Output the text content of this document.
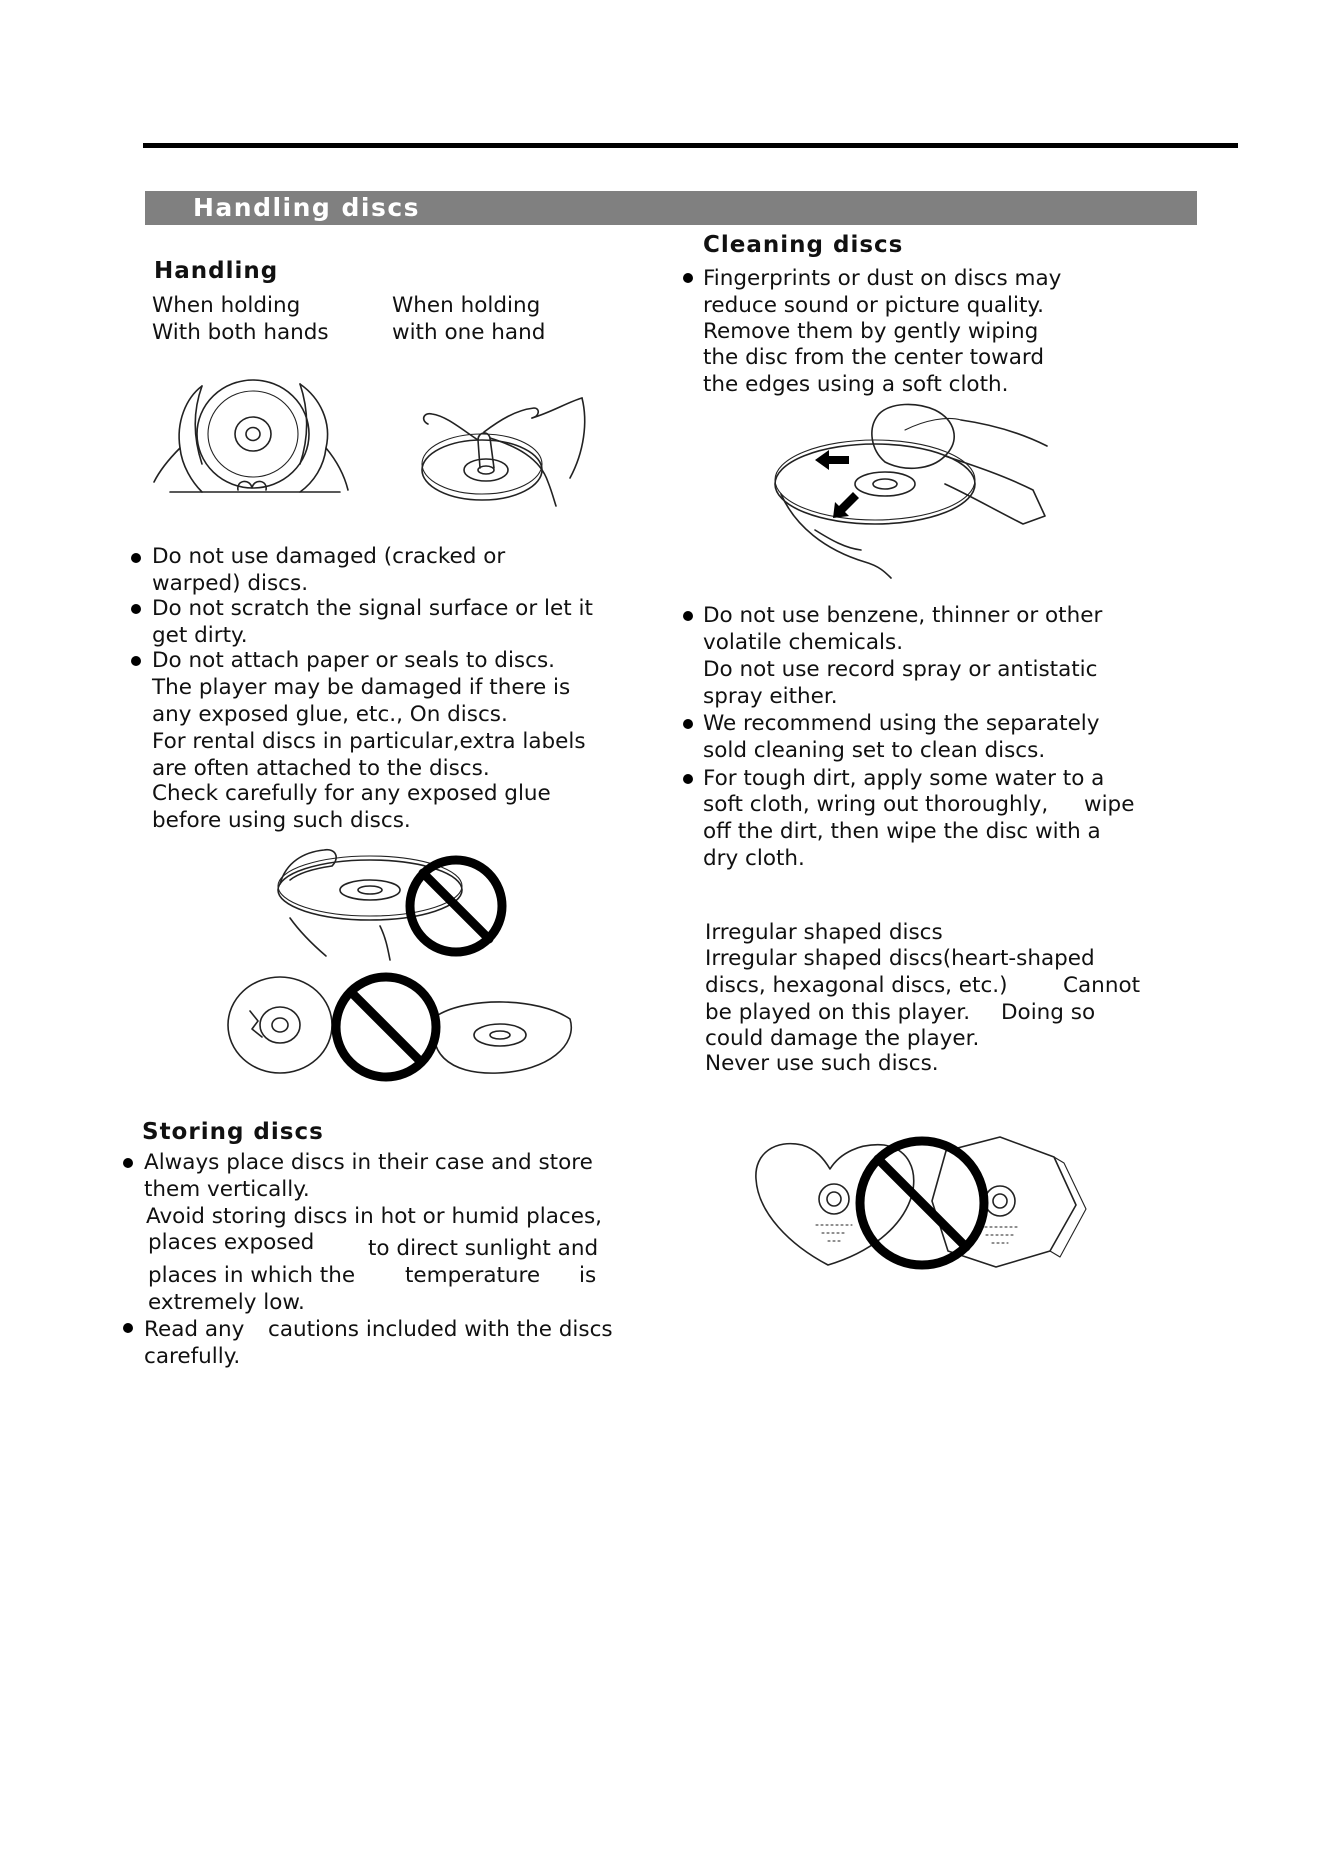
Handling discs
Handling
When holding
With both hands
When holding
with one hand
Do not use damaged (cracked or
warped) discs.
Do not scratch the signal surface or let it
get dirty.
Do not attach paper or seals to discs.
The player may be damaged if there is
any exposed glue, etc., On discs.
For rental discs in particular,extra labels
are often attached to the discs.
Check carefully for any exposed glue
before using such discs.
Storing discs
Always place discs in their case and store
them vertically.
Avoid storing discs in hot or humid places,
places exposed to direct sunlight and
places in which the temperature is
extremely low.
Read any cautions included with the discs
carefully.
Cleaning discs
Fingerprints or dust on discs may
reduce sound or picture quality.
Remove them by gently wiping
the disc from the center toward
the edges using a soft cloth.
Do not use benzene, thinner or other
volatile chemicals.
Do not use record spray or antistatic
spray either.
We recommend using the separately
sold cleaning set to clean discs.
For tough dirt, apply some water to a
soft cloth, wring out thoroughly, wipe
off the dirt, then wipe the disc with a
dry cloth.
Irregular shaped discs
Irregular shaped discs(heart-shaped
discs, hexagonal discs, etc.)	Cannot
be played on this player. Doing so
could damage the player.
Never use such discs.
